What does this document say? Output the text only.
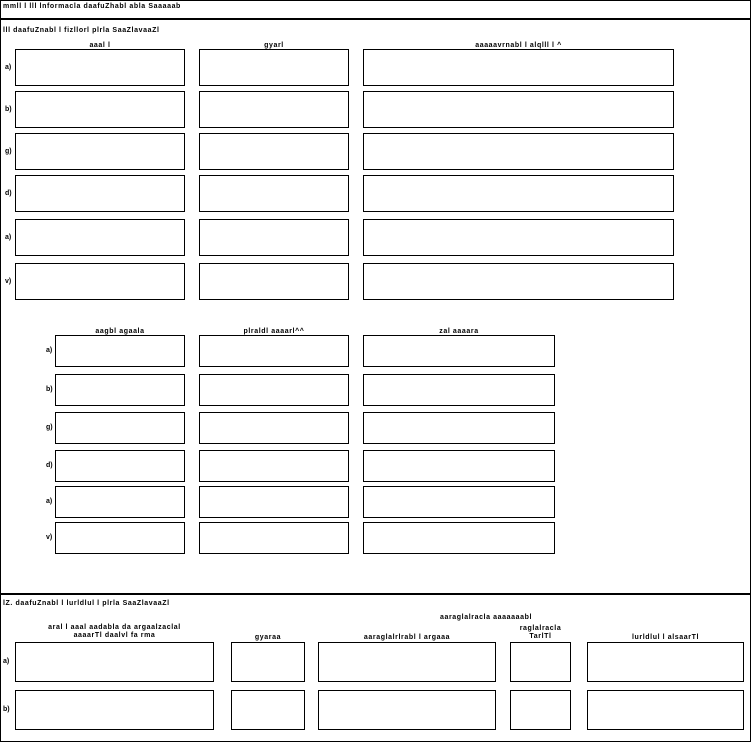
mmll l lll lnformacla daafuZhabl abla Saaaaab
lll daafuZnabl l fizllorl plrla SaaZlavaaZl
aaal l	gyarl	aaaaavrnabl l alqlll l ^
a)
b)
g)
d)
a)
v)
aagbl agaala	plraldl aaaarl^^	zal aaaara
a)
b)
g)
d)
a)
v)
lZ. daafuZnabl l lurldlul l plrla SaaZlavaaZl
aaraglalracla aaaaaaabl
aral l aaal aadabla da argaalzaclal
aaaarTl daalvl fa rma	gyaraa	aaraglalrlrabl l argaaa
raglalracla
TarlTl	lurldlul l alsaarTl
a)
b)
